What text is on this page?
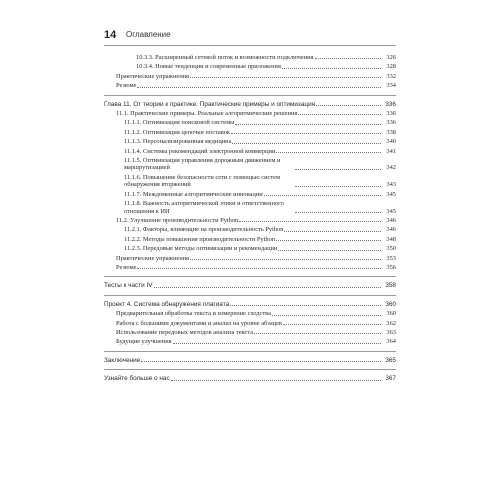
14 Оглавление
10.3.3. Расширенный сетевой поток и возможности подключения	326
10.3.4. Новые тенденции и современные приложения	328
Практические упражнения	332
Резюме	334
Глава 11. От теории к практике. Практические примеры и оптимизация	336
11.1. Практические примеры. Реальные алгоритмические решения	336
11.1.1. Оптимизация поисковой системы	336
11.1.2. Оптимизация цепочки поставок	338
11.1.3. Персонализированная медицина	340
11.1.4. Системы рекомендаций электронной коммерции	341
11.1.5. Оптимизация управления дорожным движением и маршрутизацией	342
11.1.6. Повышение безопасности сети с помощью систем обнаружения вторжений	343
11.1.7. Междоменные алгоритмические инновации	345
11.1.8. Важность алгоритмической этики и ответственного отношения к ИИ	345
11.2. Улучшение производительности Python	346
11.2.1. Факторы, влияющие на производительность Python	346
11.2.2. Методы повышения производительности Python	348
11.2.3. Передовые методы оптимизации и рекомендации	350
Практические упражнения	353
Резюме	356
Тесты к части IV	358
Проект 4. Система обнаружения плагиата	360
Предварительная обработка текста и измерение сходства	360
Работа с большими документами и анализ на уровне абзацев	362
Использование передовых методов анализа текста	363
Будущие улучшения	364
Заключение	365
Узнайте больше о нас	367
